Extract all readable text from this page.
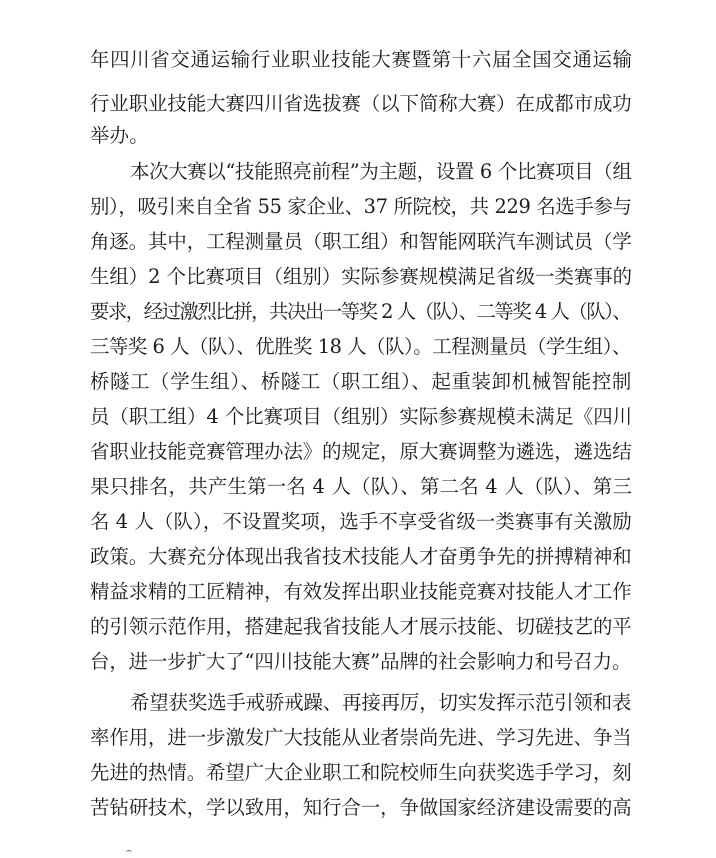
年四川省交通运输行业职业技能大赛暨第十六届全国交通运输
行业职业技能大赛四川省选拔赛（以下简称大赛）在成都市成功
举办。
本次大赛以“技能照亮前程”为主题，设置 6 个比赛项目（组
别），吸引来自全省 55 家企业、37 所院校，共 229 名选手参与
角逐。其中，工程测量员（职工组）和智能网联汽车测试员（学
生组）2 个比赛项目（组别）实际参赛规模满足省级一类赛事的
要求，经过激烈比拼，共决出一等奖 2 人（队）、二等奖 4 人（队）、
三等奖 6 人（队）、优胜奖 18 人（队）。工程测量员（学生组）、
桥隧工（学生组）、桥隧工（职工组）、起重装卸机械智能控制
员（职工组）4 个比赛项目（组别）实际参赛规模未满足《四川
省职业技能竞赛管理办法》的规定，原大赛调整为遴选，遴选结
果只排名，共产生第一名 4 人（队）、第二名 4 人（队）、第三
名 4 人（队），不设置奖项，选手不享受省级一类赛事有关激励
政策。大赛充分体现出我省技术技能人才奋勇争先的拼搏精神和
精益求精的工匠精神，有效发挥出职业技能竞赛对技能人才工作
的引领示范作用，搭建起我省技能人才展示技能、切磋技艺的平
台，进一步扩大了“四川技能大赛”品牌的社会影响力和号召力。
希望获奖选手戒骄戒躁、再接再厉，切实发挥示范引领和表
率作用，进一步激发广大技能从业者崇尚先进、学习先进、争当
先进的热情。希望广大企业职工和院校师生向获奖选手学习，刻
苦钻研技术，学以致用，知行合一，争做国家经济建设需要的高
